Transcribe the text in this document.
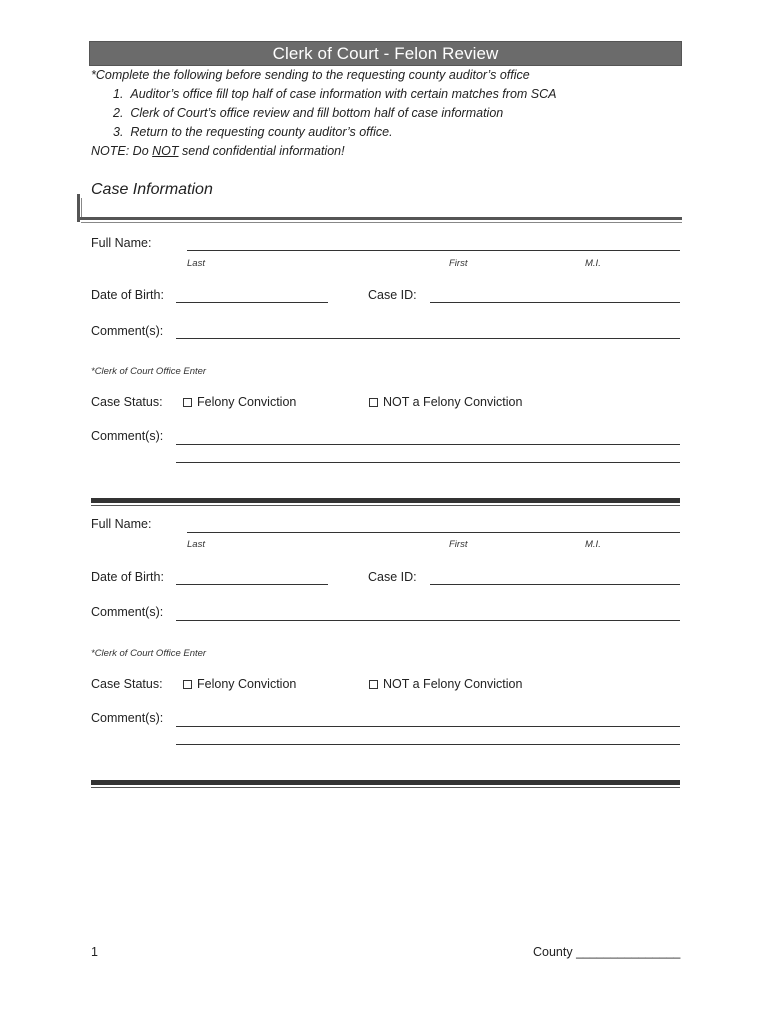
Clerk of Court - Felon Review
*Complete the following before sending to the requesting county auditor’s office
1.  Auditor’s office fill top half of case information with certain matches from SCA
2.  Clerk of Court’s office review and fill bottom half of case information
3.  Return to the requesting county auditor’s office.
NOTE: Do NOT send confidential information!
Case Information
Full Name:
Last	First	M.I.
Date of Birth:	Case ID:
Comment(s):
*Clerk of Court Office Enter
Case Status:	Felony Conviction	NOT a Felony Conviction
Comment(s):
Full Name:
Last	First	M.I.
Date of Birth:	Case ID:
Comment(s):
*Clerk of Court Office Enter
Case Status:	Felony Conviction	NOT a Felony Conviction
Comment(s):
1	County _______________
